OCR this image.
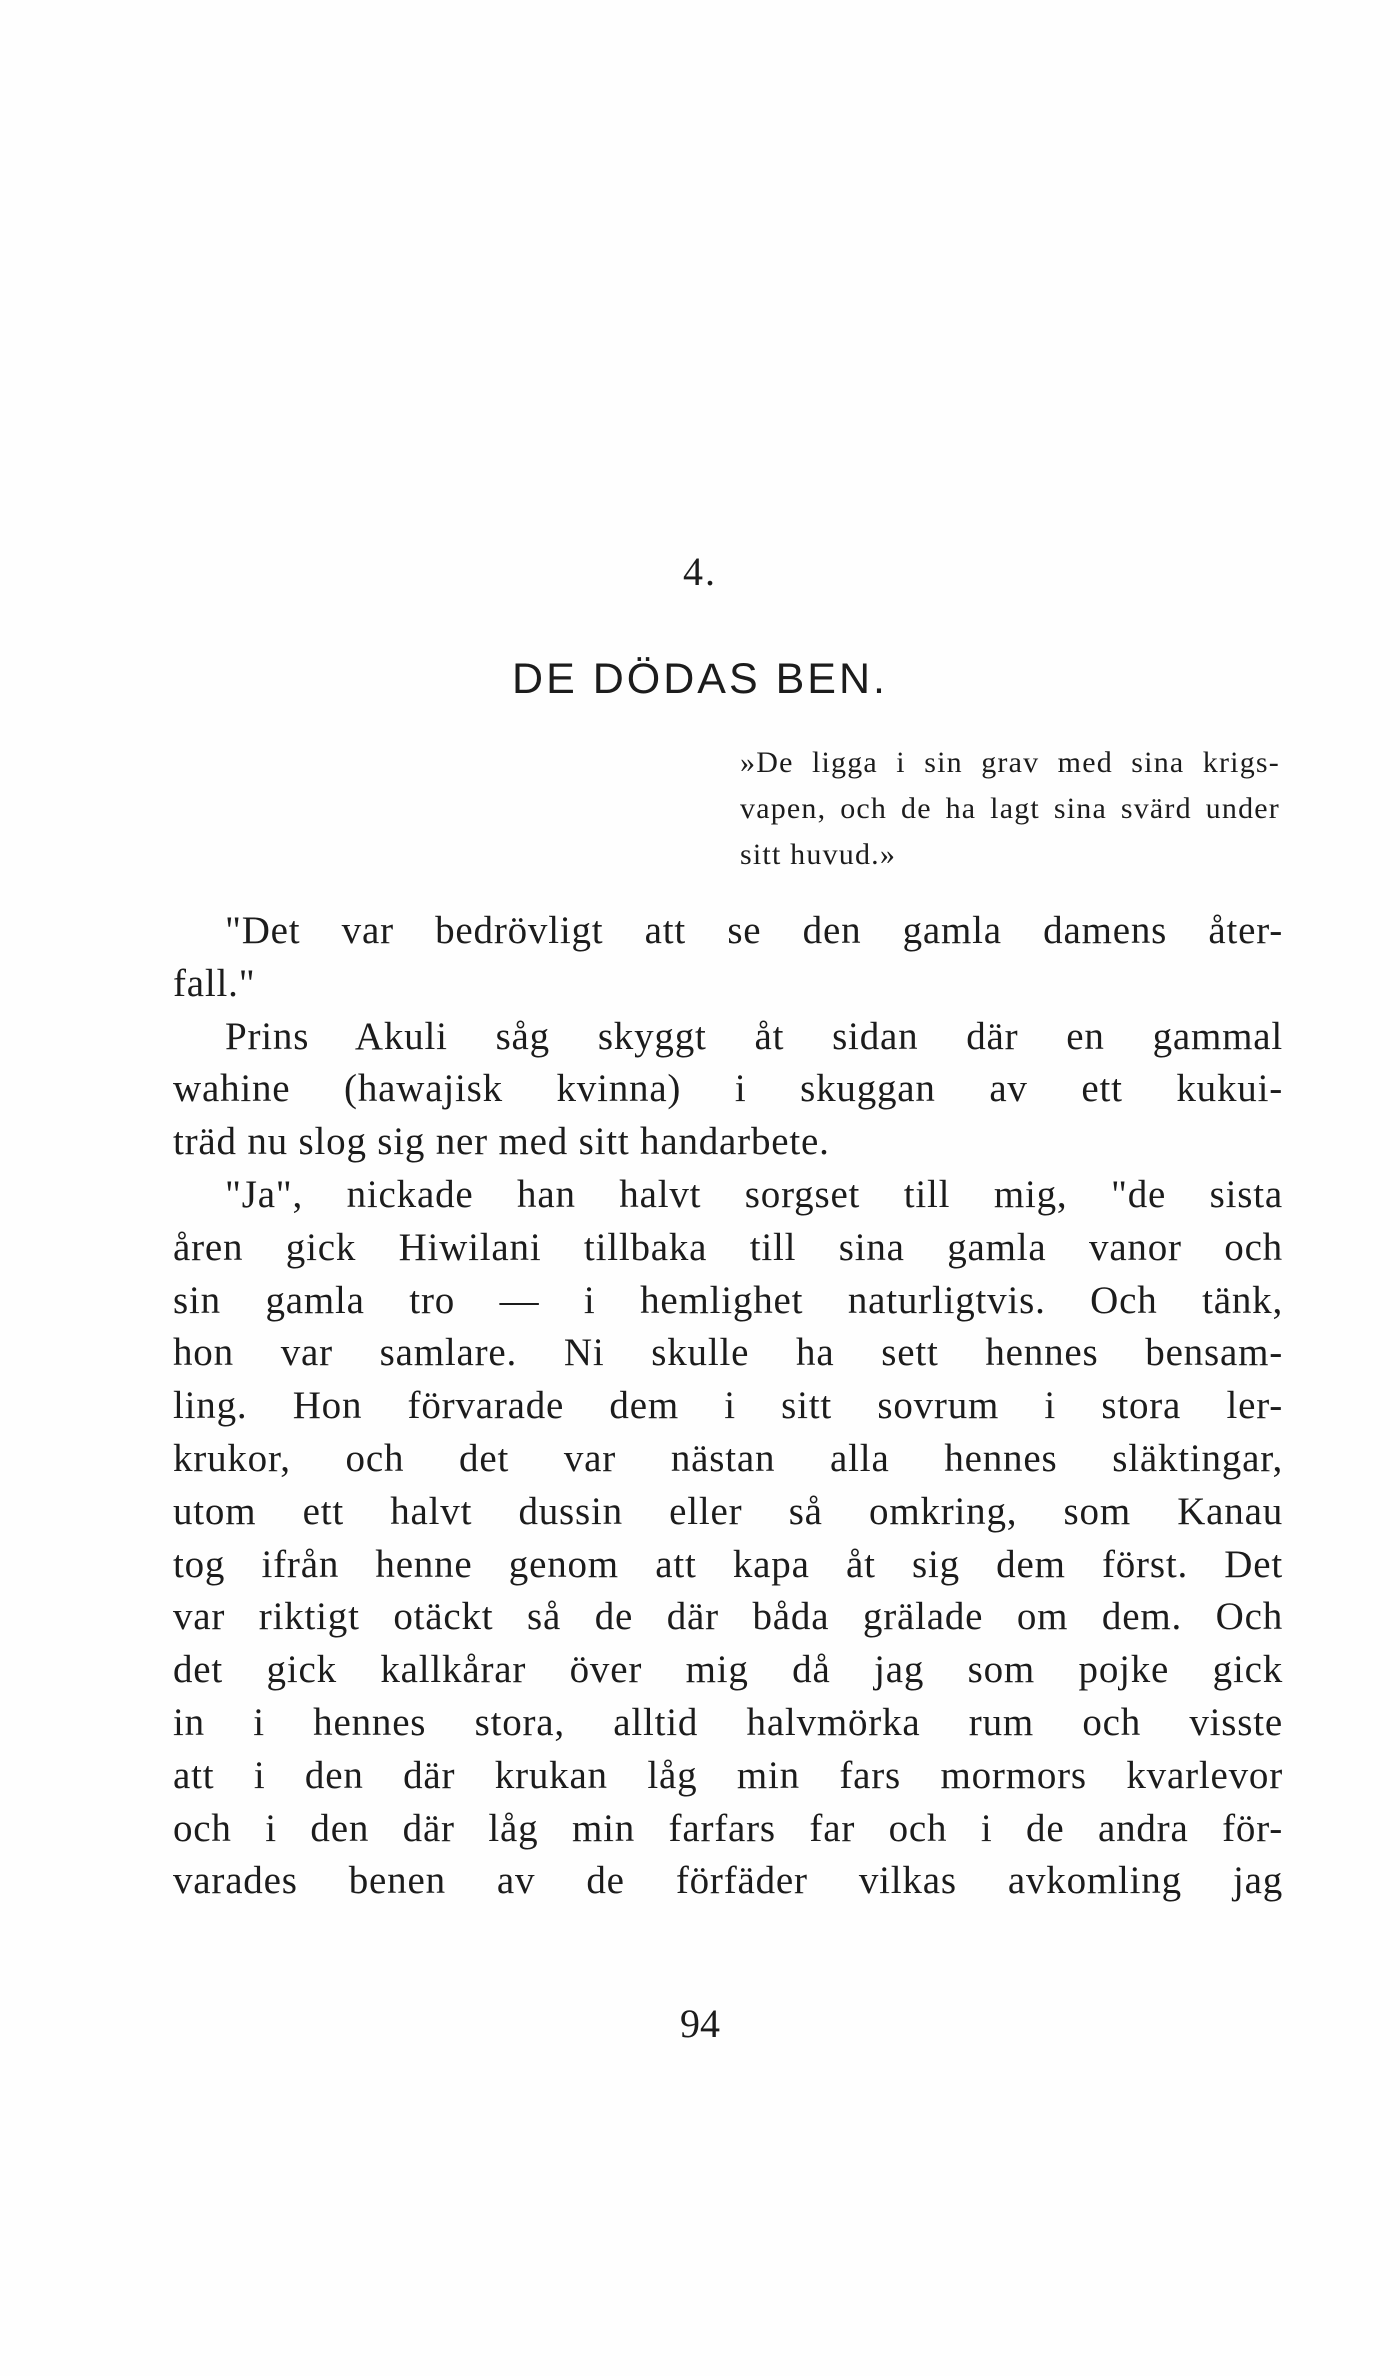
4.
DE DÖDAS BEN.
»De ligga i sin grav med sina krigs-
vapen, och de ha lagt sina svärd under
sitt huvud.»
"Det var bedrövligt att se den gamla damens åter-
fall."
Prins Akuli såg skyggt åt sidan där en gammal
wahine (hawajisk kvinna) i skuggan av ett kukui-
träd nu slog sig ner med sitt handarbete.
"Ja", nickade han halvt sorgset till mig, "de sista
åren gick Hiwilani tillbaka till sina gamla vanor och
sin gamla tro — i hemlighet naturligtvis. Och tänk,
hon var samlare. Ni skulle ha sett hennes bensam-
ling. Hon förvarade dem i sitt sovrum i stora ler-
krukor, och det var nästan alla hennes släktingar,
utom ett halvt dussin eller så omkring, som Kanau
tog ifrån henne genom att kapa åt sig dem först. Det
var riktigt otäckt så de där båda grälade om dem. Och
det gick kallkårar över mig då jag som pojke gick
in i hennes stora, alltid halvmörka rum och visste
att i den där krukan låg min fars mormors kvarlevor
och i den där låg min farfars far och i de andra för-
varades benen av de förfäder vilkas avkomling jag
94
